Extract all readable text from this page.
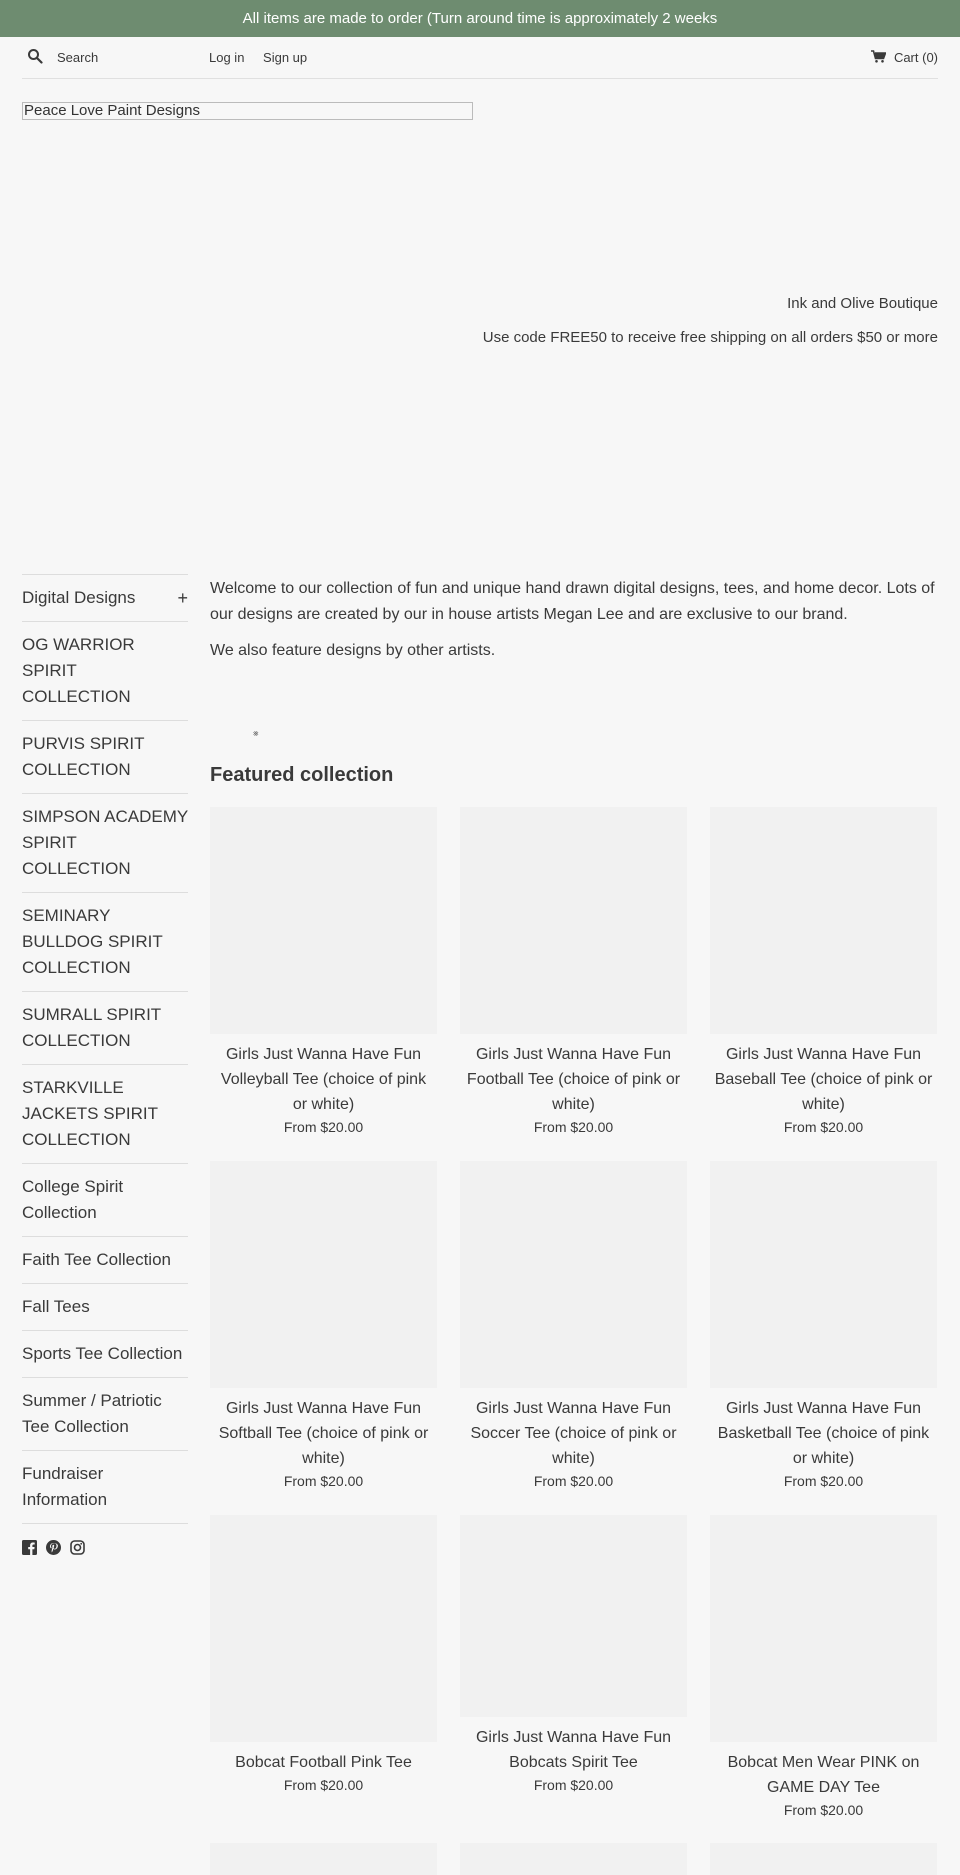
All items are made to order (Turn around time is approximately 2 weeks
Search
Log in Sign up	Cart (0)
Peace Love Paint Designs
Ink and Olive Boutique
Use code FREE50 to receive free shipping on all orders $50 or more
Digital Designs +
OG WARRIOR SPIRIT COLLECTION
PURVIS SPIRIT COLLECTION
SIMPSON ACADEMY SPIRIT COLLECTION
SEMINARY BULLDOG SPIRIT COLLECTION
SUMRALL SPIRIT COLLECTION
STARKVILLE JACKETS SPIRIT COLLECTION
College Spirit Collection
Faith Tee Collection
Fall Tees
Sports Tee Collection
Summer / Patriotic Tee Collection
Fundraiser Information

Welcome to our collection of fun and unique hand drawn digital designs, tees, and home decor. Lots of our designs are created by our in house artists Megan Lee and are exclusive to our brand.

We also feature designs by other artists.

⨳
Featured collection
Girls Just Wanna Have Fun Volleyball Tee (choice of pink or white)
From $20.00
Girls Just Wanna Have Fun Football Tee (choice of pink or white)
From $20.00
Girls Just Wanna Have Fun Baseball Tee (choice of pink or white)
From $20.00
Girls Just Wanna Have Fun Softball Tee (choice of pink or white)
From $20.00
Girls Just Wanna Have Fun Soccer Tee (choice of pink or white)
From $20.00
Girls Just Wanna Have Fun Basketball Tee (choice of pink or white)
From $20.00
Bobcat Football Pink Tee
From $20.00
Girls Just Wanna Have Fun Bobcats Spirit Tee
From $20.00
Bobcat Men Wear PINK on GAME DAY Tee
From $20.00
